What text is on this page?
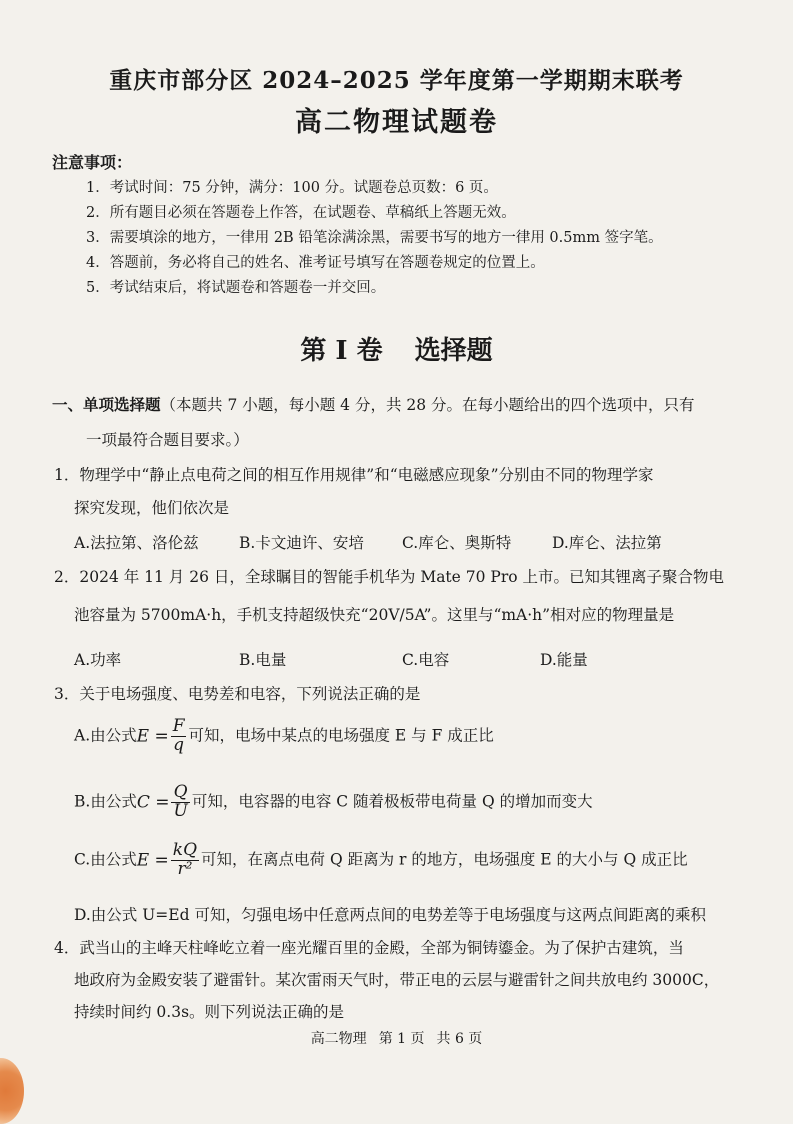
重庆市部分区 2024–2025 学年度第一学期期末联考
高二物理试题卷
注意事项：
1．考试时间：75 分钟，满分：100 分。试题卷总页数：6 页。
2．所有题目必须在答题卷上作答，在试题卷、草稿纸上答题无效。
3．需要填涂的地方，一律用 2B 铅笔涂满涂黑，需要书写的地方一律用 0.5mm 签字笔。
4．答题前，务必将自己的姓名、准考证号填写在答题卷规定的位置上。
5．考试结束后，将试题卷和答题卷一并交回。
第 I 卷 选择题
一、单项选择题（本题共 7 小题，每小题 4 分，共 28 分。在每小题给出的四个选项中，只有
一项最符合题目要求。）
1．物理学中“静止点电荷之间的相互作用规律”和“电磁感应现象”分别由不同的物理学家
探究发现，他们依次是
A.法拉第、洛伦兹	B.卡文迪许、安培 C.库仑、奥斯特	D.库仑、法拉第
2．2024 年 11 月 26 日，全球瞩目的智能手机华为 Mate 70 Pro 上市。已知其锂离子聚合物电
池容量为 5700mA·h，手机支持超级快充“20V/5A”。这里与“mA·h”相对应的物理量是
A.功率	B.电量	C.电容	D.能量
3．关于电场强度、电势差和电容，下列说法正确的是
A.由公式$E = \frac{F}{q}$ 可知，电场中某点的电场强度 E 与 F 成正比
B.由公式$C = \frac{Q}{U}$ 可知，电容器的电容 C 随着极板带电荷量 Q 的增加而变大
C.由公式$E = \frac{kQ}{\text{r²}}$ 可知，在离点电荷 Q 距离为 r 的地方，电场强度 E 的大小与 Q 成正比
D.由公式 U=Ed 可知，匀强电场中任意两点间的电势差等于电场强度与这两点间距离的乘积
4．武当山的主峰天柱峰屹立着一座光耀百里的金殿，全部为铜铸鎏金。为了保护古建筑，当
地政府为金殿安装了避雷针。某次雷雨天气时，带正电的云层与避雷针之间共放电约 3000C，
持续时间约 0.3s。则下列说法正确的是
高二物理 第 1 页 共 6 页
